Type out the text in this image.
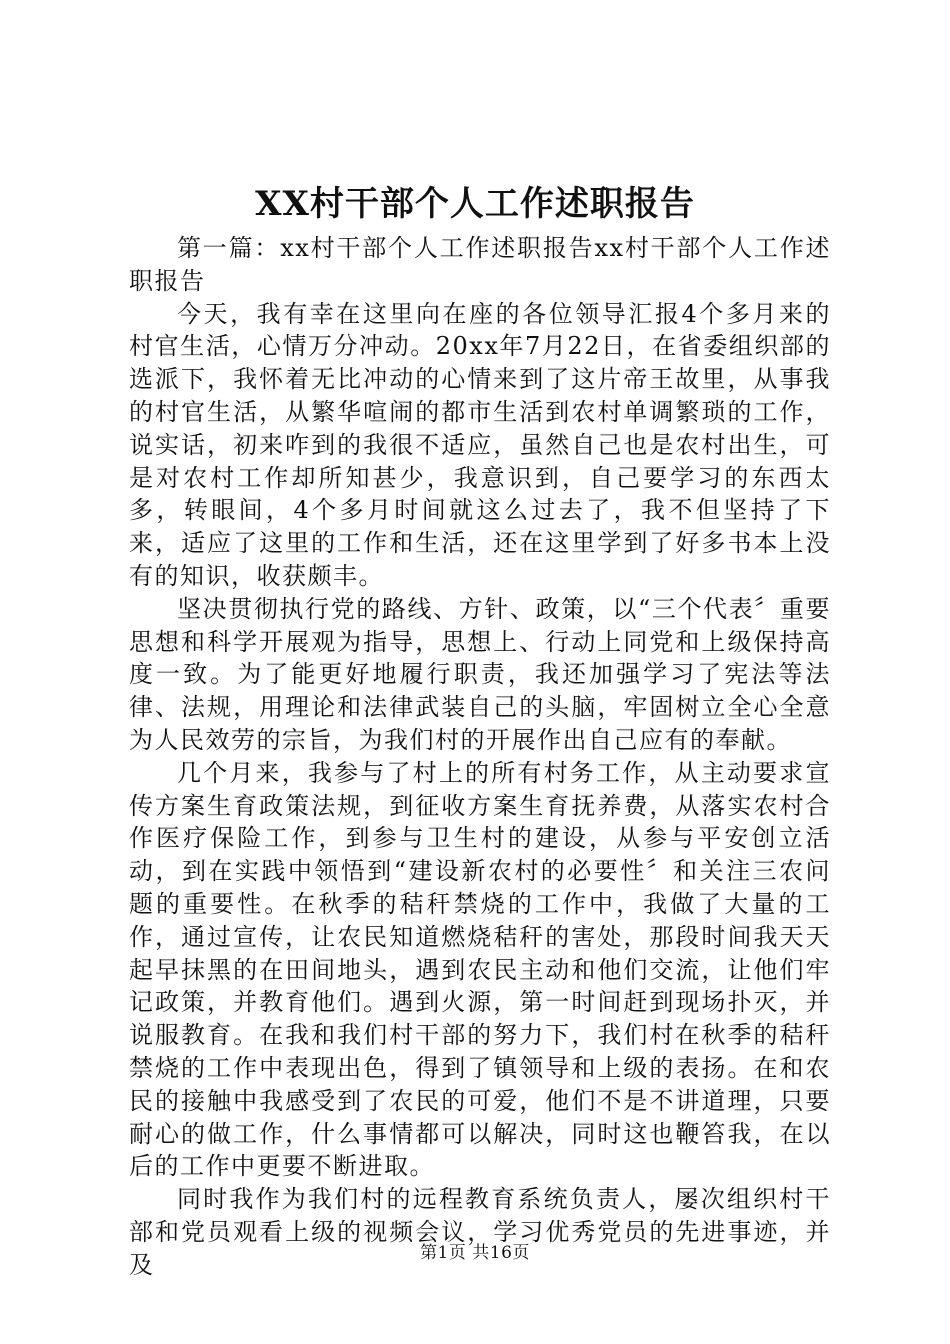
XX村干部个人工作述职报告

第一篇：xx村干部个人工作述职报告xx村干部个人工作述职报告

今天，我有幸在这里向在座的各位领导汇报4个多月来的村官生活，心情万分冲动。20xx年7月22日，在省委组织部的选派下，我怀着无比冲动的心情来到了这片帝王故里，从事我的村官生活，从繁华喧闹的都市生活到农村单调繁琐的工作，说实话，初来咋到的我很不适应，虽然自己也是农村出生，可是对农村工作却所知甚少，我意识到，自己要学习的东西太多，转眼间，4个多月时间就这么过去了，我不但坚持了下来，适应了这里的工作和生活，还在这里学到了好多书本上没有的知识，收获颇丰。

坚决贯彻执行党的路线、方针、政策，以“三个代表〞重要思想和科学开展观为指导，思想上、行动上同党和上级保持高度一致。为了能更好地履行职责，我还加强学习了宪法等法律、法规，用理论和法律武装自己的头脑，牢固树立全心全意为人民效劳的宗旨，为我们村的开展作出自己应有的奉献。

几个月来，我参与了村上的所有村务工作，从主动要求宣传方案生育政策法规，到征收方案生育抚养费，从落实农村合作医疗保险工作，到参与卫生村的建设，从参与平安创立活动，到在实践中领悟到“建设新农村的必要性〞和关注三农问题的重要性。在秋季的秸秆禁烧的工作中，我做了大量的工作，通过宣传，让农民知道燃烧秸秆的害处，那段时间我天天起早抹黑的在田间地头，遇到农民主动和他们交流，让他们牢记政策，并教育他们。遇到火源，第一时间赶到现场扑灭，并说服教育。在我和我们村干部的努力下，我们村在秋季的秸秆禁烧的工作中表现出色，得到了镇领导和上级的表扬。在和农民的接触中我感受到了农民的可爱，他们不是不讲道理，只要耐心的做工作，什么事情都可以解决，同时这也鞭笞我，在以后的工作中更要不断进取。

同时我作为我们村的远程教育系统负责人，屡次组织村干部和党员观看上级的视频会议，学习优秀党员的先进事迹，并及	第1页 共16页
